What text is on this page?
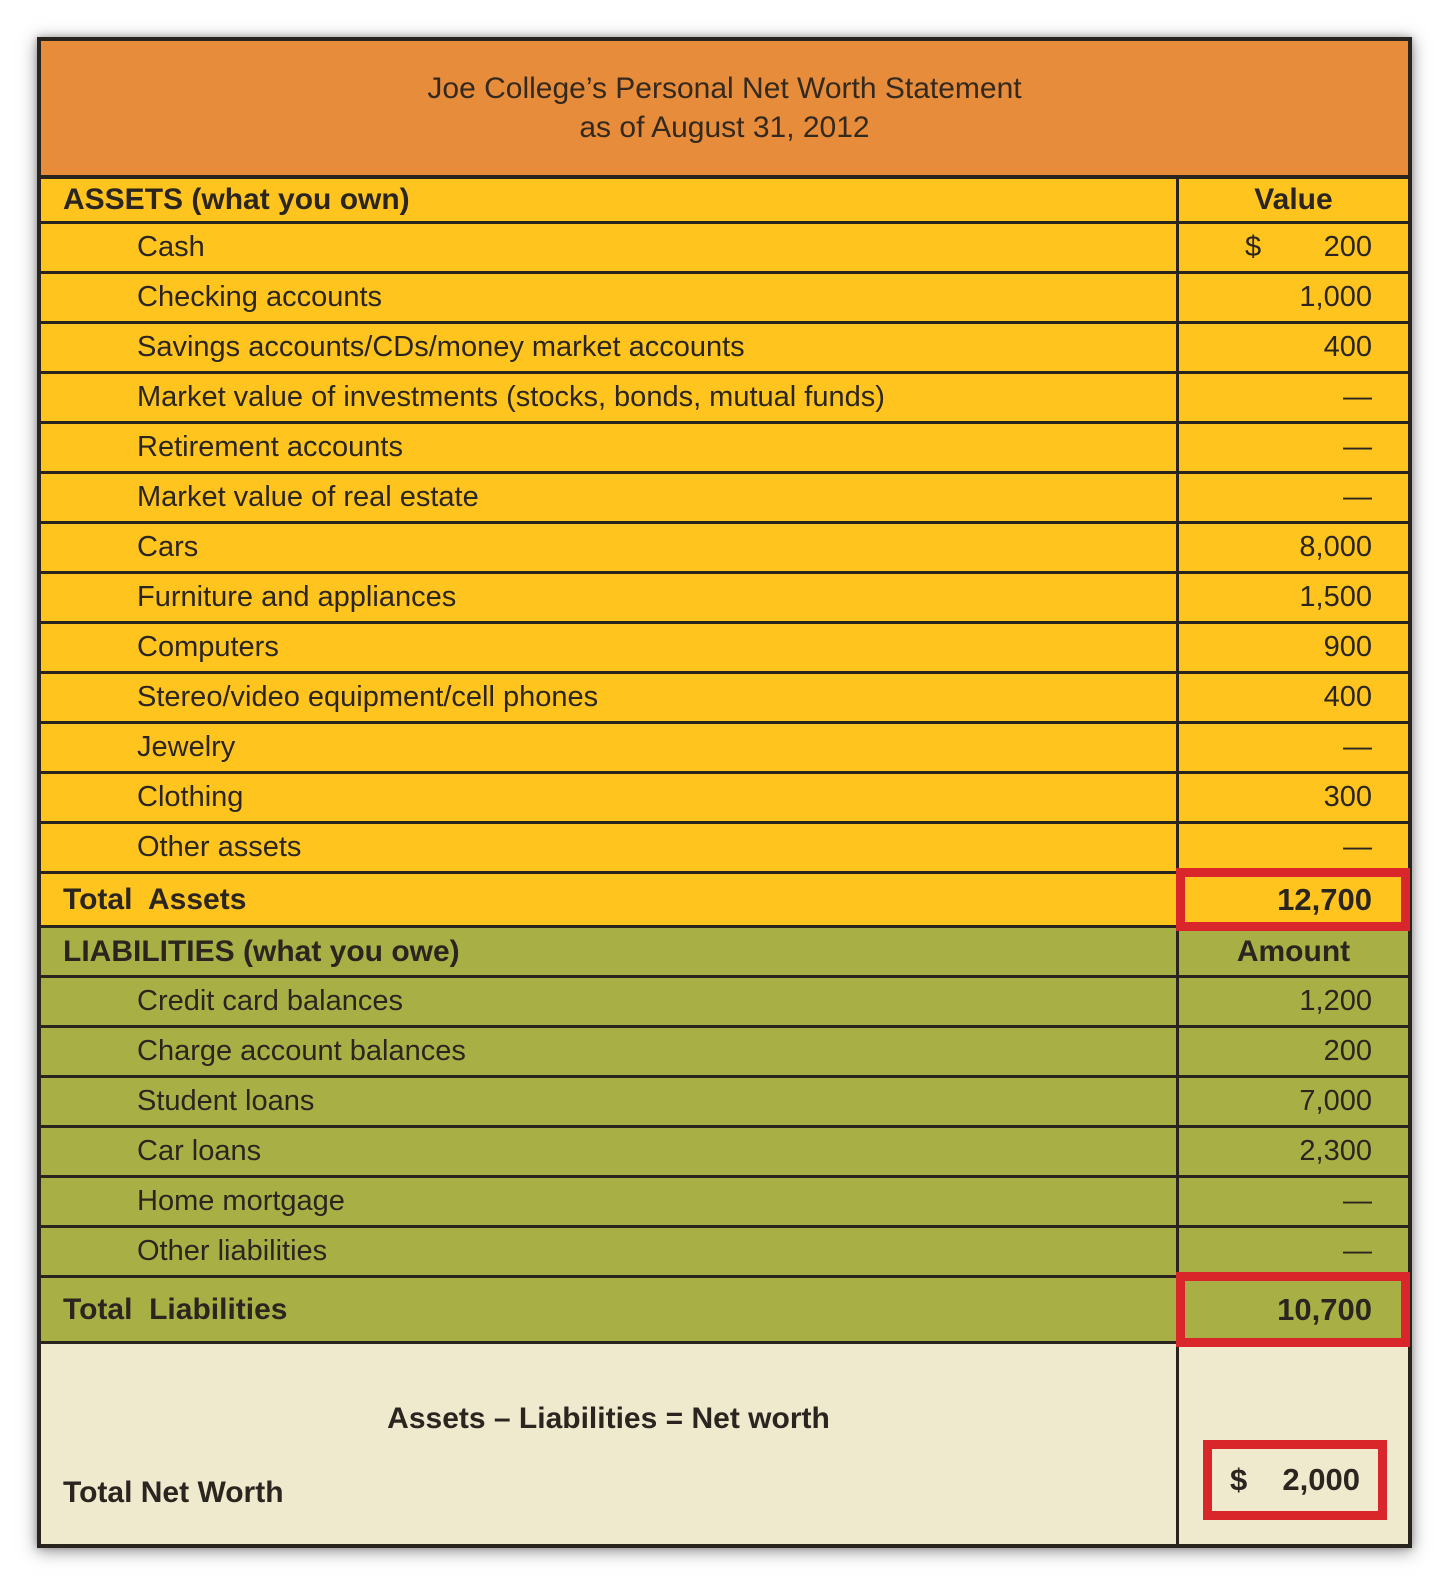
Joe College’s Personal Net Worth Statement
as of August 31, 2012
ASSETS (what you own)	Value
Cash	$ 200
Checking accounts	1,000
Savings accounts/CDs/money market accounts	400
Market value of investments (stocks, bonds, mutual funds)	—
Retirement accounts	—
Market value of real estate	—
Cars	8,000
Furniture and appliances	1,500
Computers	900
Stereo/video equipment/cell phones	400
Jewelry	—
Clothing	300
Other assets	—
Total  Assets	12,700
LIABILITIES (what you owe)	Amount
Credit card balances	1,200
Charge account balances	200
Student loans	7,000
Car loans	2,300
Home mortgage	—
Other liabilities	—
Total  Liabilities	10,700
Assets – Liabilities = Net worth
Total Net Worth	$ 2,000
